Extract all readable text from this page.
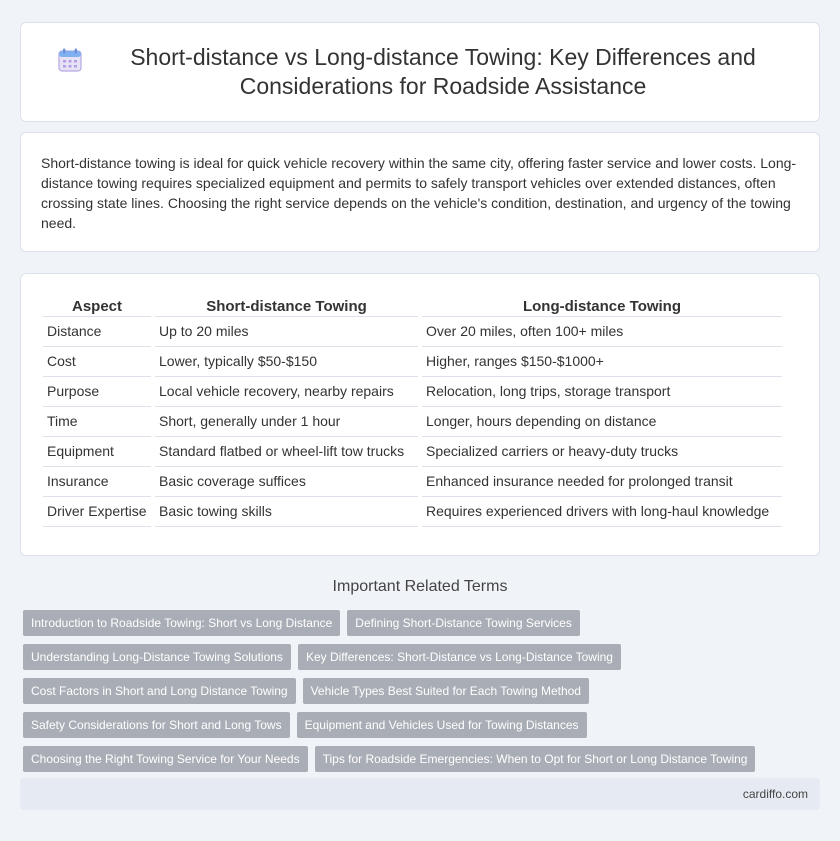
Short-distance vs Long-distance Towing: Key Differences and Considerations for Roadside Assistance

Short-distance towing is ideal for quick vehicle recovery within the same city, offering faster service and lower costs. Long-distance towing requires specialized equipment and permits to safely transport vehicles over extended distances, often crossing state lines. Choosing the right service depends on the vehicle's condition, destination, and urgency of the towing need.

Aspect	Short-distance Towing	Long-distance Towing
Distance	Up to 20 miles	Over 20 miles, often 100+ miles
Cost	Lower, typically $50-$150	Higher, ranges $150-$1000+
Purpose	Local vehicle recovery, nearby repairs	Relocation, long trips, storage transport
Time	Short, generally under 1 hour	Longer, hours depending on distance
Equipment	Standard flatbed or wheel-lift tow trucks	Specialized carriers or heavy-duty trucks
Insurance	Basic coverage suffices	Enhanced insurance needed for prolonged transit
Driver Expertise	Basic towing skills	Requires experienced drivers with long-haul knowledge
Important Related Terms
Introduction to Roadside Towing: Short vs Long Distance	Defining Short-Distance Towing Services
Understanding Long-Distance Towing Solutions	Key Differences: Short-Distance vs Long-Distance Towing
Cost Factors in Short and Long Distance Towing	Vehicle Types Best Suited for Each Towing Method
Safety Considerations for Short and Long Tows	Equipment and Vehicles Used for Towing Distances
Choosing the Right Towing Service for Your Needs	Tips for Roadside Emergencies: When to Opt for Short or Long Distance Towing
cardiffo.com
